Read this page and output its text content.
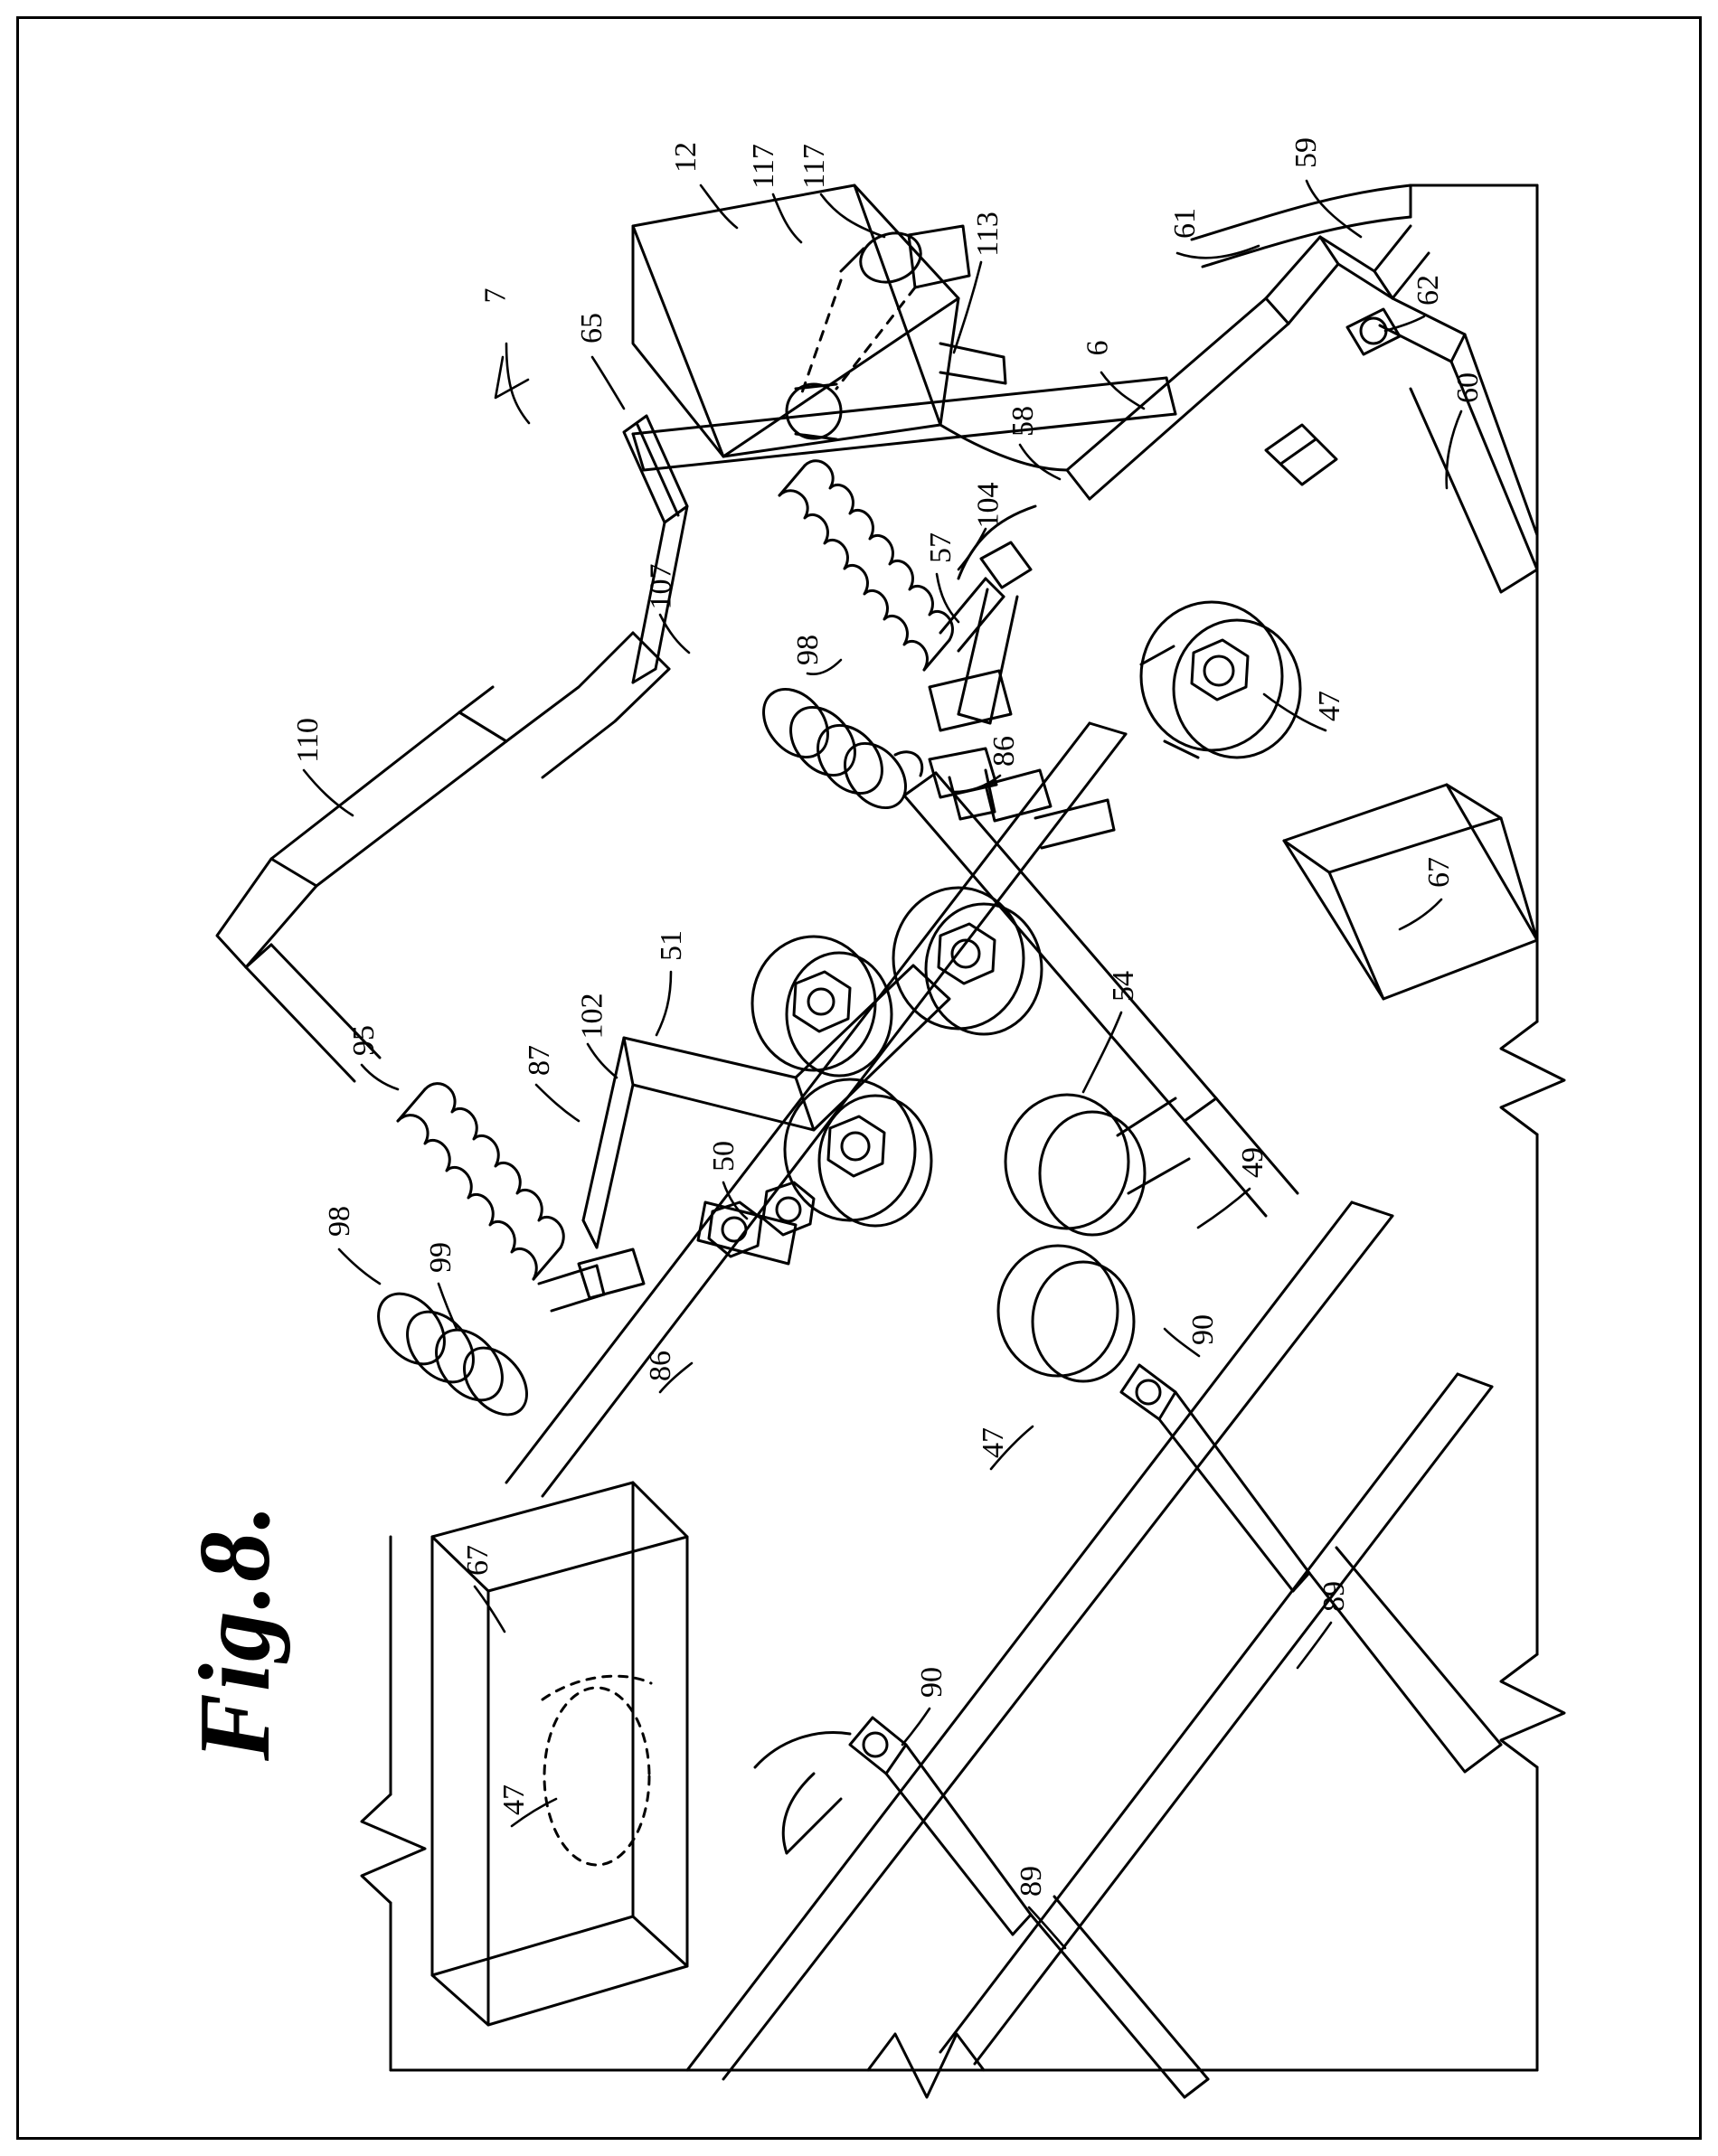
Fig.8.
7
12 117 117
113
59
61
62
60
6
65
58
104
57
107
98
86
47
67
110
95
51
102
87
54
50
98
99
49
86
90
47
89
67
90
47
89
